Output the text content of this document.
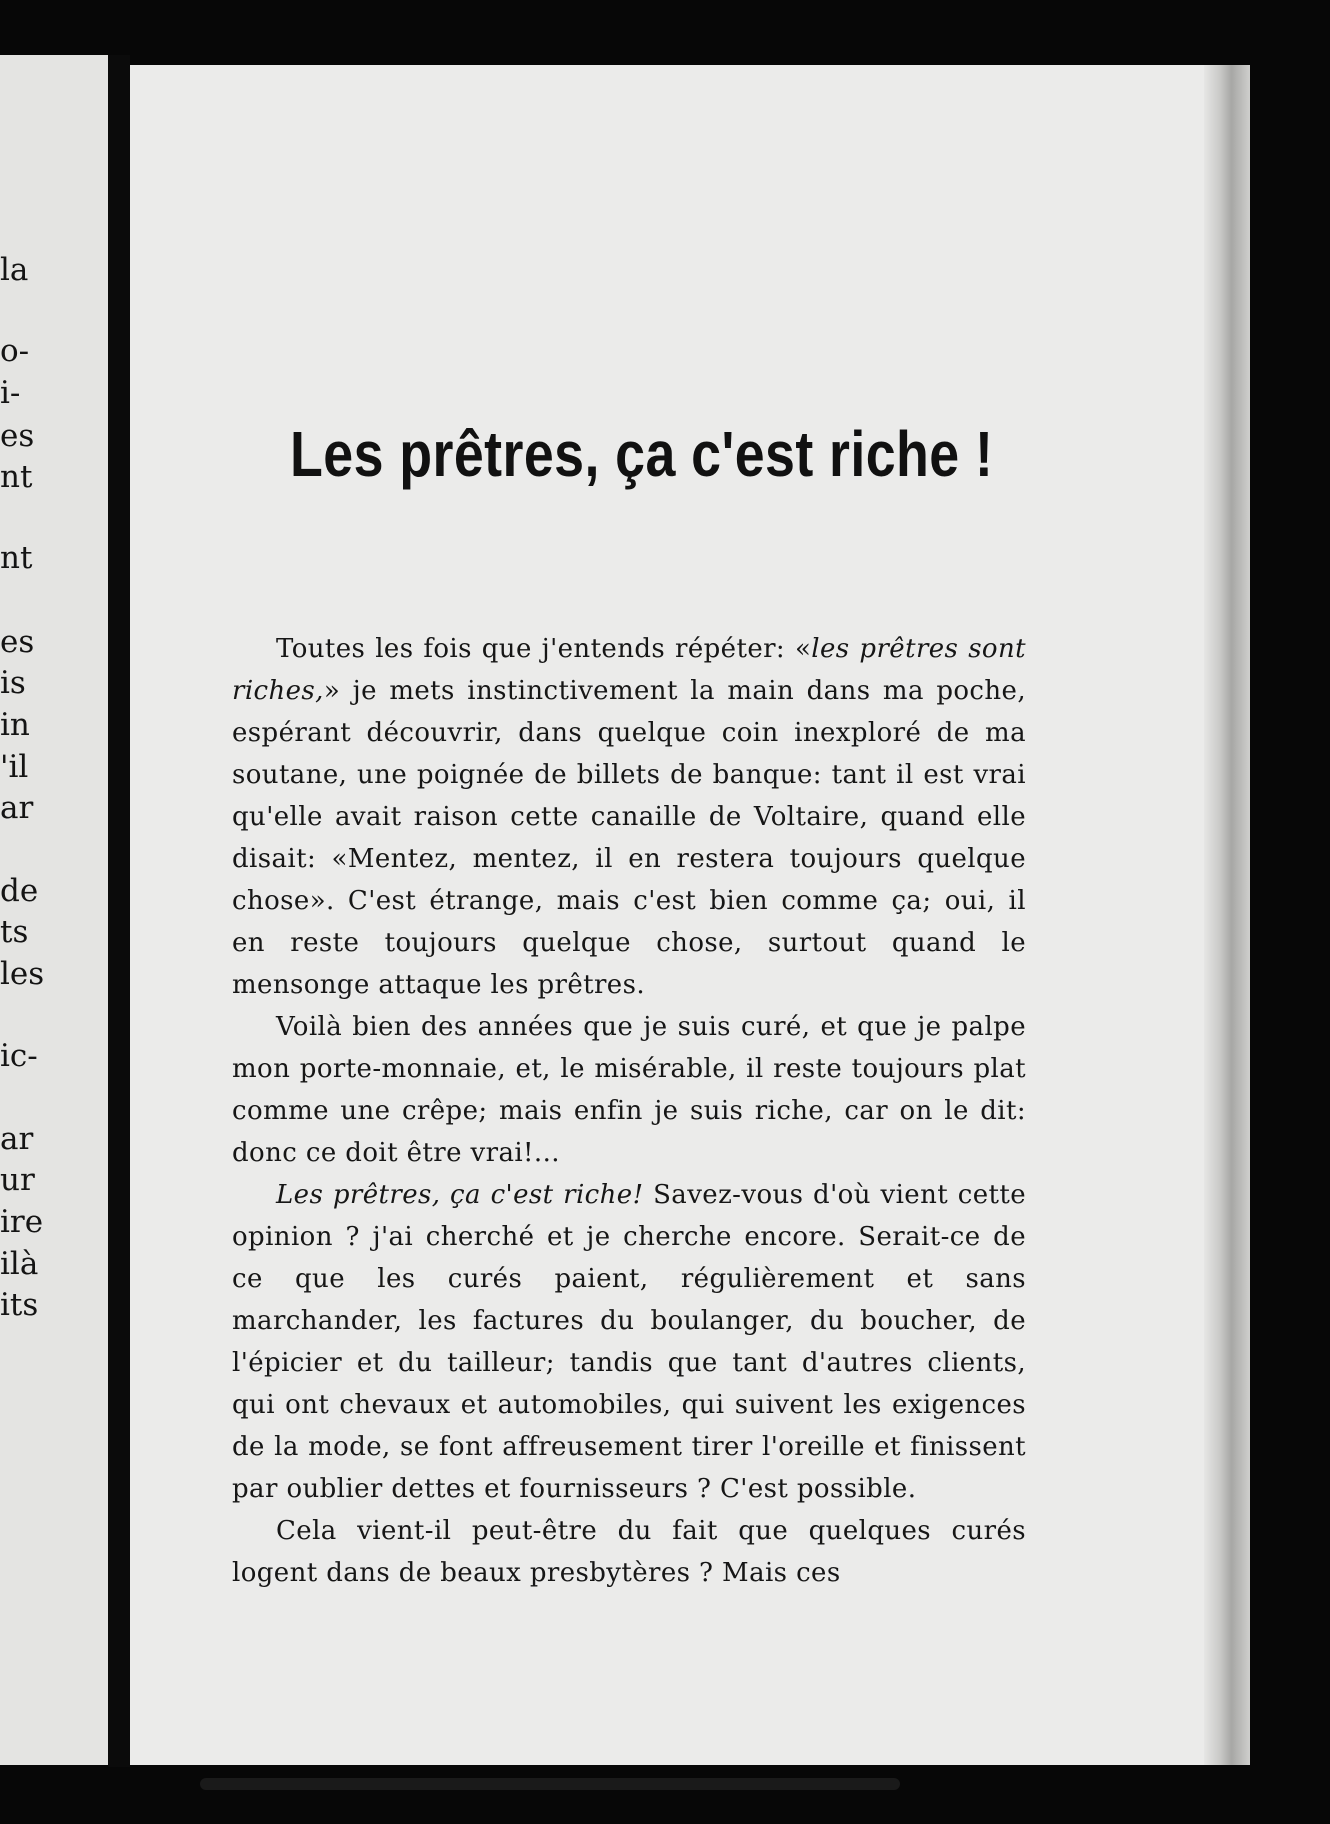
la
o-
i-
es
nt
nt
es
is
in
'il
ar
de
ts
les
ic-
ar
ur
ire
ilà
its
Les prêtres, ça c'est riche !

Toutes les fois que j'entends répéter: «les prêtres sont riches,» je mets instinctivement la main dans ma poche, espérant découvrir, dans quelque coin inexploré de ma soutane, une poignée de billets de banque: tant il est vrai qu'elle avait raison cette canaille de Voltaire, quand elle disait: «Mentez, mentez, il en restera toujours quelque chose». C'est étrange, mais c'est bien comme ça; oui, il en reste toujours quelque chose, surtout quand le mensonge attaque les prêtres.

Voilà bien des années que je suis curé, et que je palpe mon porte-monnaie, et, le misérable, il reste toujours plat comme une crêpe; mais enfin je suis riche, car on le dit: donc ce doit être vrai!...

Les prêtres, ça c'est riche! Savez-vous d'où vient cette opinion ? j'ai cherché et je cherche encore. Serait-ce de ce que les curés paient, régulièrement et sans marchander, les factures du boulanger, du boucher, de l'épicier et du tailleur; tandis que tant d'autres clients, qui ont chevaux et automobiles, qui suivent les exigences de la mode, se font affreusement tirer l'oreille et finissent par oublier dettes et fournisseurs ? C'est possible.

Cela vient-il peut-être du fait que quelques curés logent dans de beaux presbytères ? Mais ces
